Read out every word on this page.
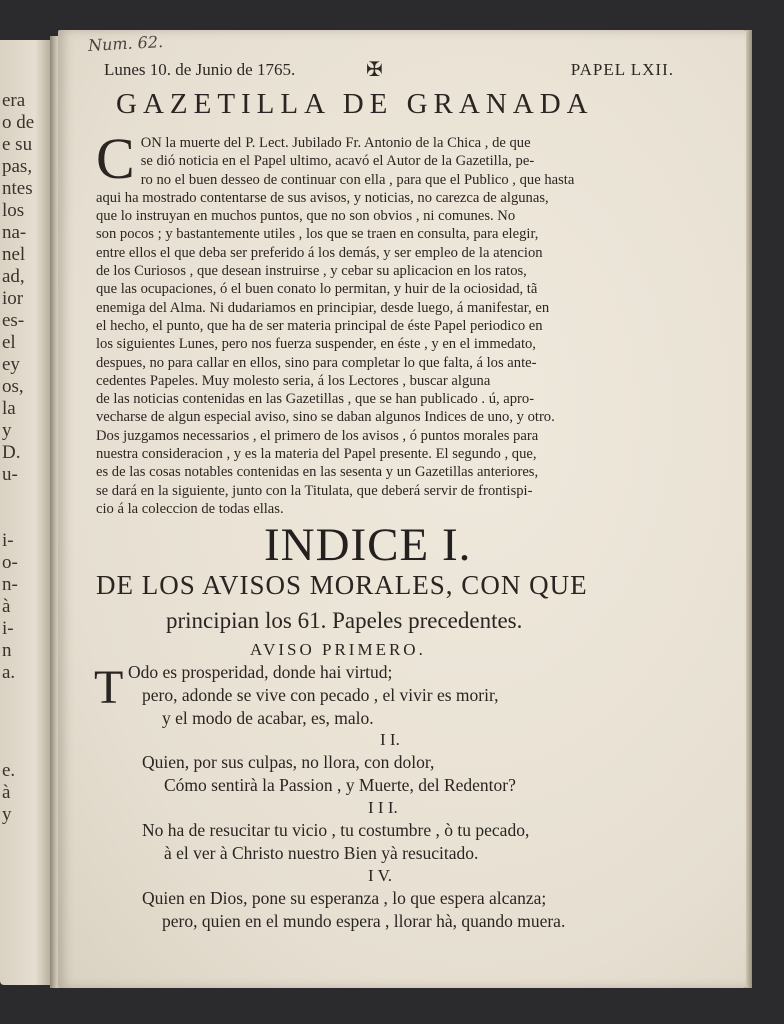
era
o de
e su
pas,
ntes
los
na-
nel
ad,
ior
es-
el
ey
os,
la
y
D.
u-
i-
o-
n-
à
i-
n
a.
e.
à
y
Num. 62.
Lunes 10. de Junio de 1765.	✠	PAPEL LXII.
GAZETILLA DE GRANADA
C ON la muerte del P. Lect. Jubilado Fr. Antonio de la Chica , de que

se dió noticia en el Papel ultimo, acavó el Autor de la Gazetilla, pe-

ro no el buen desseo de continuar con ella , para que el Publico , que hasta

aqui ha mostrado contentarse de sus avisos, y noticias, no carezca de algunas,

que lo instruyan en muchos puntos, que no son obvios , ni comunes. No

son pocos ; y bastantemente utiles , los que se traen en consulta, para elegir,

entre ellos el que deba ser preferido á los demás, y ser empleo de la atencion

de los Curiosos , que desean instruirse , y cebar su aplicacion en los ratos,

que las ocupaciones, ó el buen conato lo permitan, y huir de la ociosidad, tã

enemiga del Alma. Ni dudariamos en principiar, desde luego, á manifestar, en

el hecho, el punto, que ha de ser materia principal de éste Papel periodico en

los siguientes Lunes, pero nos fuerza suspender, en éste , y en el immedato,

despues, no para callar en ellos, sino para completar lo que falta, á los ante-

cedentes Papeles. Muy molesto seria, á los Lectores , buscar alguna

de las noticias contenidas en las Gazetillas , que se han publicado . ú, apro-

vecharse de algun especial aviso, sino se daban algunos Indices de uno, y otro.

Dos juzgamos necessarios , el primero de los avisos , ó puntos morales para

nuestra consideracion , y es la materia del Papel presente. El segundo , que,

es de las cosas notables contenidas en las sesenta y un Gazetillas anteriores,

se dará en la siguiente, junto con la Titulata, que deberá servir de frontispi-

cio á la coleccion de todas ellas.

INDICE I.
DE LOS AVISOS MORALES, CON QUE
principian los 61. Papeles precedentes.
AVISO PRIMERO.
T Odo es prosperidad, donde hai virtud;
pero, adonde se vive con pecado , el vivir es morir,
y el modo de acabar, es, malo.
I I.
Quien, por sus culpas, no llora, con dolor,
Cómo sentirà la Passion , y Muerte, del Redentor?
I I I.
No ha de resucitar tu vicio , tu costumbre , ò tu pecado,
à el ver à Christo nuestro Bien yà resucitado.
I V.
Quien en Dios, pone su esperanza , lo que espera alcanza;
pero, quien en el mundo espera , llorar hà, quando muera.
